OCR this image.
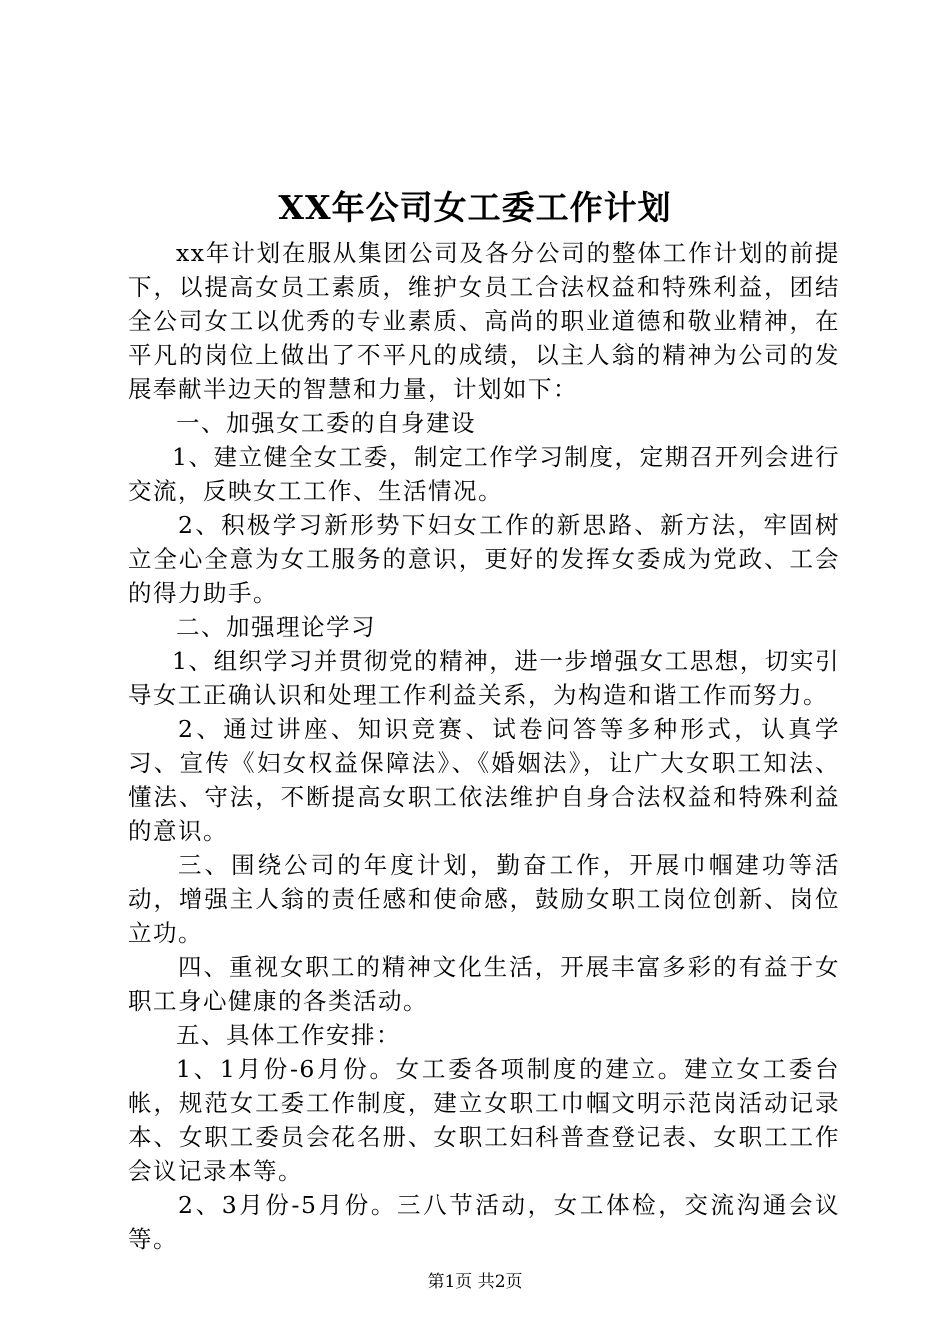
XX年公司女工委工作计划

xx年计划在服从集团公司及各分公司的整体工作计划的前提下，以提高女员工素质，维护女员工合法权益和特殊利益，团结全公司女工以优秀的专业素质、高尚的职业道德和敬业精神，在平凡的岗位上做出了不平凡的成绩，以主人翁的精神为公司的发展奉献半边天的智慧和力量，计划如下：

一、加强女工委的自身建设

1、建立健全女工委，制定工作学习制度，定期召开列会进行交流，反映女工工作、生活情况。

2、积极学习新形势下妇女工作的新思路、新方法，牢固树立全心全意为女工服务的意识，更好的发挥女委成为党政、工会的得力助手。

二、加强理论学习

1、组织学习并贯彻党的精神，进一步增强女工思想，切实引导女工正确认识和处理工作利益关系，为构造和谐工作而努力。

2、通过讲座、知识竞赛、试卷问答等多种形式，认真学习、宣传《妇女权益保障法》、《婚姻法》，让广大女职工知法、懂法、守法，不断提高女职工依法维护自身合法权益和特殊利益的意识。

三、围绕公司的年度计划，勤奋工作，开展巾帼建功等活动，增强主人翁的责任感和使命感，鼓励女职工岗位创新、岗位立功。

四、重视女职工的精神文化生活，开展丰富多彩的有益于女职工身心健康的各类活动。

五、具体工作安排：

1、1月份-6月份。女工委各项制度的建立。建立女工委台帐，规范女工委工作制度，建立女职工巾帼文明示范岗活动记录本、女职工委员会花名册、女职工妇科普查登记表、女职工工作会议记录本等。

2、3月份-5月份。三八节活动，女工体检，交流沟通会议等。

第1页 共2页
